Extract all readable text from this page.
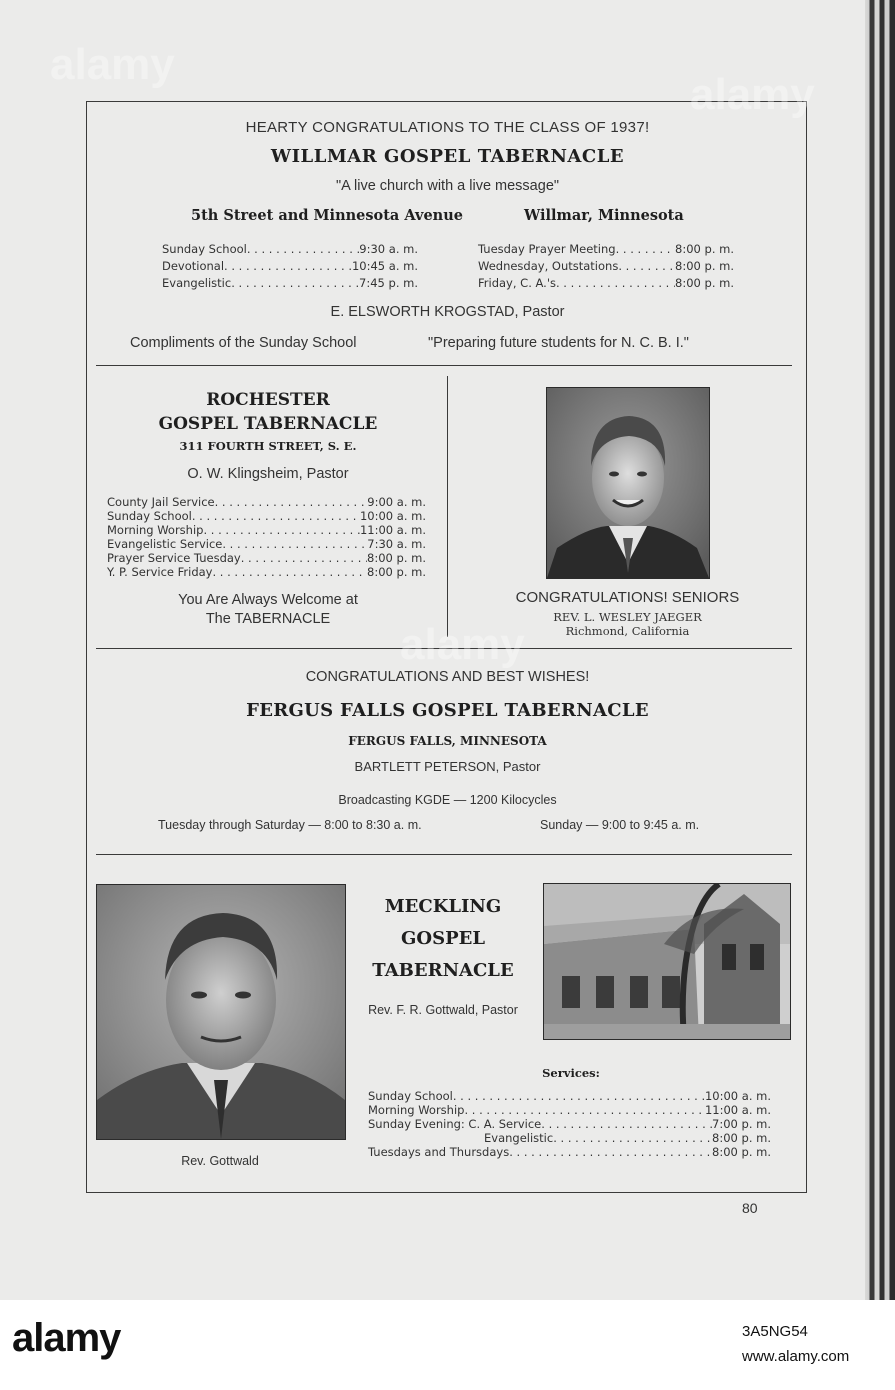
HEARTY CONGRATULATIONS TO THE CLASS OF 1937!
WILLMAR GOSPEL TABERNACLE
"A live church with a live message"
5th Street and Minnesota Avenue	Willmar, Minnesota
Sunday School . . .	9:30 a. m.
Devotional . . .	10:45 a. m.
Evangelistic . . .	7:45 p. m.
Tuesday Prayer Meeting . . .	8:00 p. m.
Wednesday, Outstations . . .	8:00 p. m.
Friday, C. A.'s . . .	8:00 p. m.
E. ELSWORTH KROGSTAD, Pastor
Compliments of the Sunday School	"Preparing future students for N. C. B. I."
ROCHESTER
GOSPEL TABERNACLE
311 FOURTH STREET, S. E.
O. W. Klingsheim, Pastor
County Jail Service . . .	9:00 a. m.
Sunday School . . .	10:00 a. m.
Morning Worship . . .	11:00 a. m.
Evangelistic Service . . .	7:30 a. m.
Prayer Service Tuesday . . .	8:00 p. m.
Y. P. Service Friday . . .	8:00 p. m.
You Are Always Welcome at
The TABERNACLE
CONGRATULATIONS! SENIORS
REV. L. WESLEY JAEGER
Richmond, California
CONGRATULATIONS AND BEST WISHES!
FERGUS FALLS GOSPEL TABERNACLE
FERGUS FALLS, MINNESOTA
BARTLETT PETERSON, Pastor
Broadcasting KGDE — 1200 Kilocycles
Tuesday through Saturday — 8:00 to 8:30 a. m.	Sunday — 9:00 to 9:45 a. m.
Rev. Gottwald
MECKLING
GOSPEL
TABERNACLE
Rev. F. R. Gottwald, Pastor
Services:
Sunday School . . .	10:00 a. m.
Morning Worship . . .	11:00 a. m.
Sunday Evening: C. A. Service . . .	7:00 p. m.
Evangelistic . . .	8:00 p. m.
Tuesdays and Thursdays . . .	8:00 p. m.
80
alamy
alamy
alamy
alamy	3A5NG54
www.alamy.com
